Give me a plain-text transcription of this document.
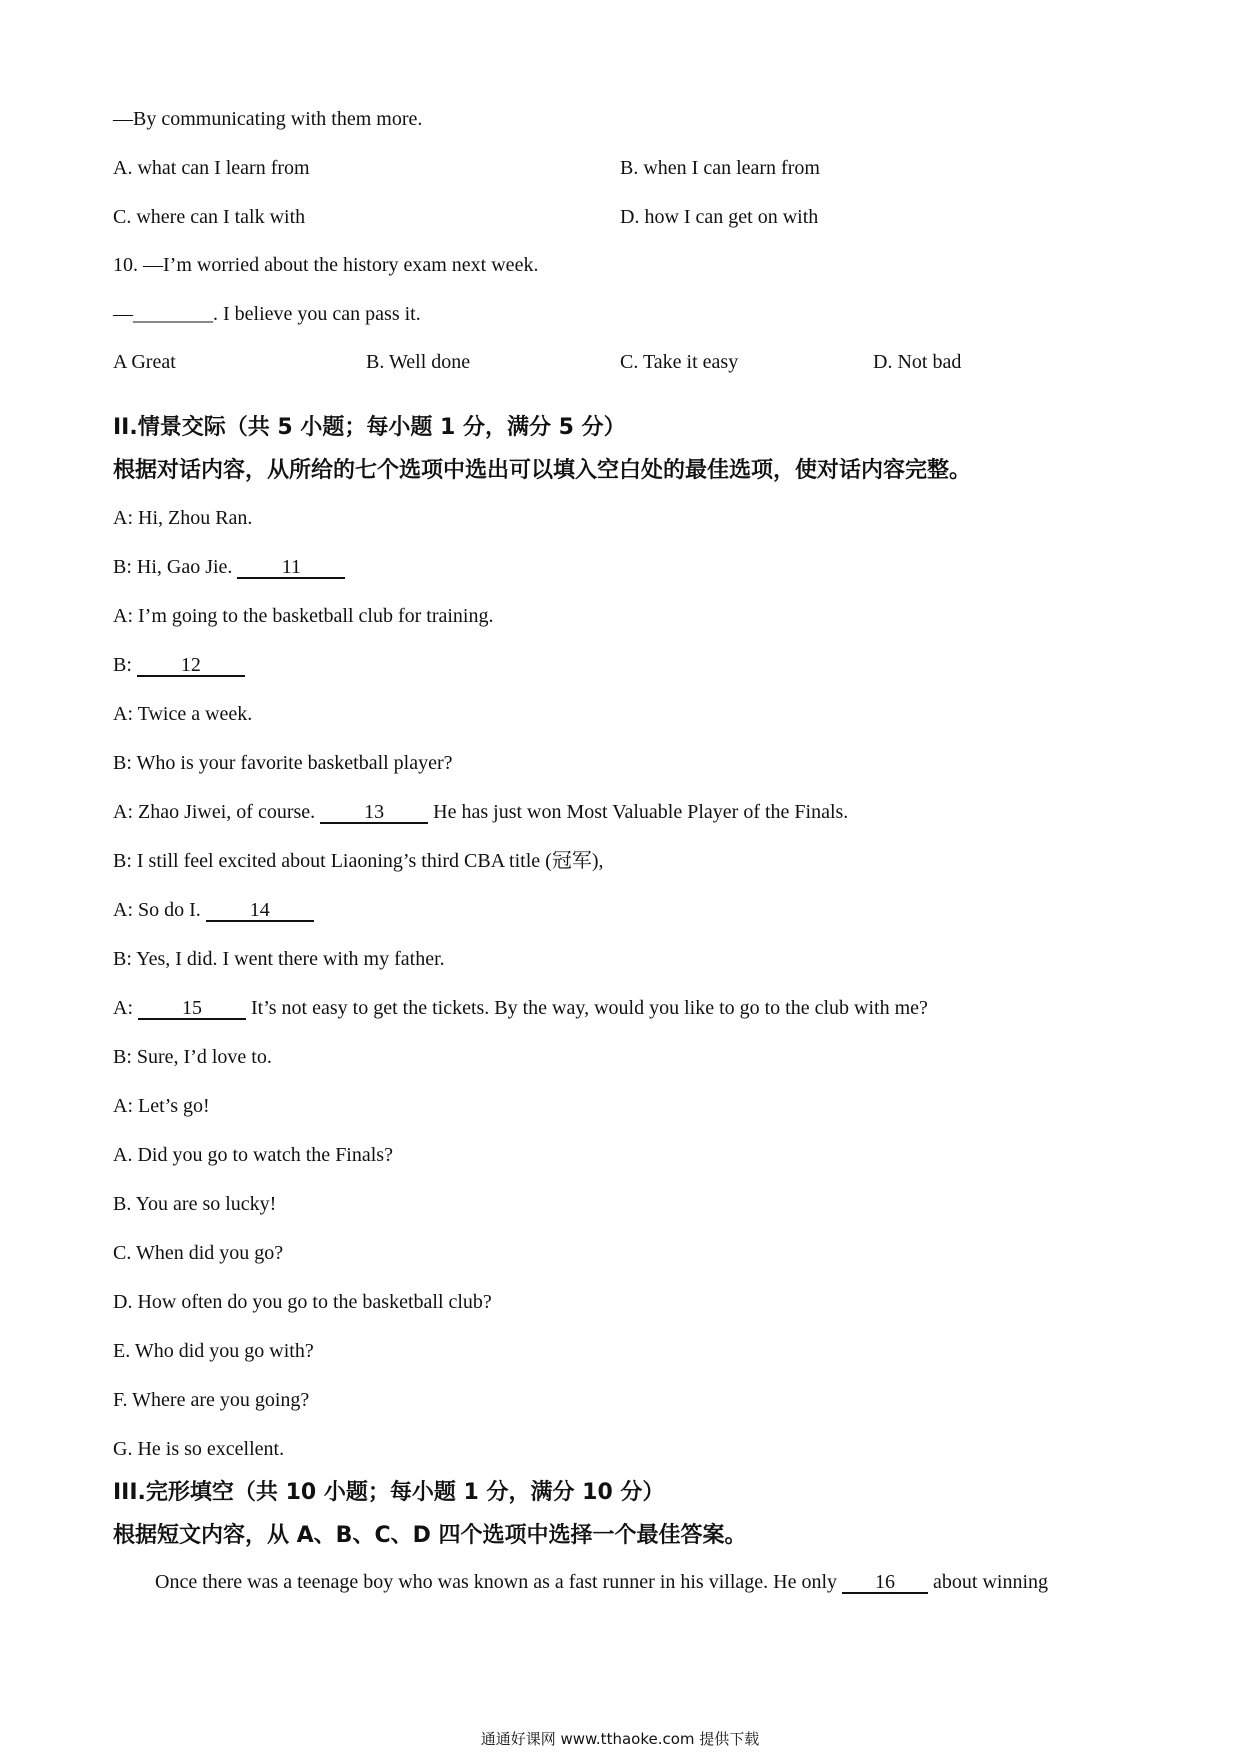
—By communicating with them more.
A. what can I learn from	B. when I can learn from
C. where can I talk with	D. how I can get on with
10. —I’m worried about the history exam next week.
—________. I believe you can pass it.
A Great	B. Well done	C. Take it easy	D. Not bad
II.情景交际（共 5 小题；每小题 1 分，满分 5 分）
根据对话内容，从所给的七个选项中选出可以填入空白处的最佳选项，使对话内容完整。
A: Hi, Zhou Ran.
B: Hi, Gao Jie. 11
A: I’m going to the basketball club for training.
B: 12
A: Twice a week.
B: Who is your favorite basketball player?
A: Zhao Jiwei, of course. 13 He has just won Most Valuable Player of the Finals.
B: I still feel excited about Liaoning’s third CBA title (冠军),
A: So do I. 14
B: Yes, I did. I went there with my father.
A: 15 It’s not easy to get the tickets. By the way, would you like to go to the club with me?
B: Sure, I’d love to.
A: Let’s go!
A. Did you go to watch the Finals?
B. You are so lucky!
C. When did you go?
D. How often do you go to the basketball club?
E. Who did you go with?
F. Where are you going?
G. He is so excellent.
III.完形填空（共 10 小题；每小题 1 分，满分 10 分）
根据短文内容，从 A、B、C、D 四个选项中选择一个最佳答案。
Once there was a teenage boy who was known as a fast runner in his village. He only 16 about winning
通通好课网 www.tthaoke.com 提供下载
